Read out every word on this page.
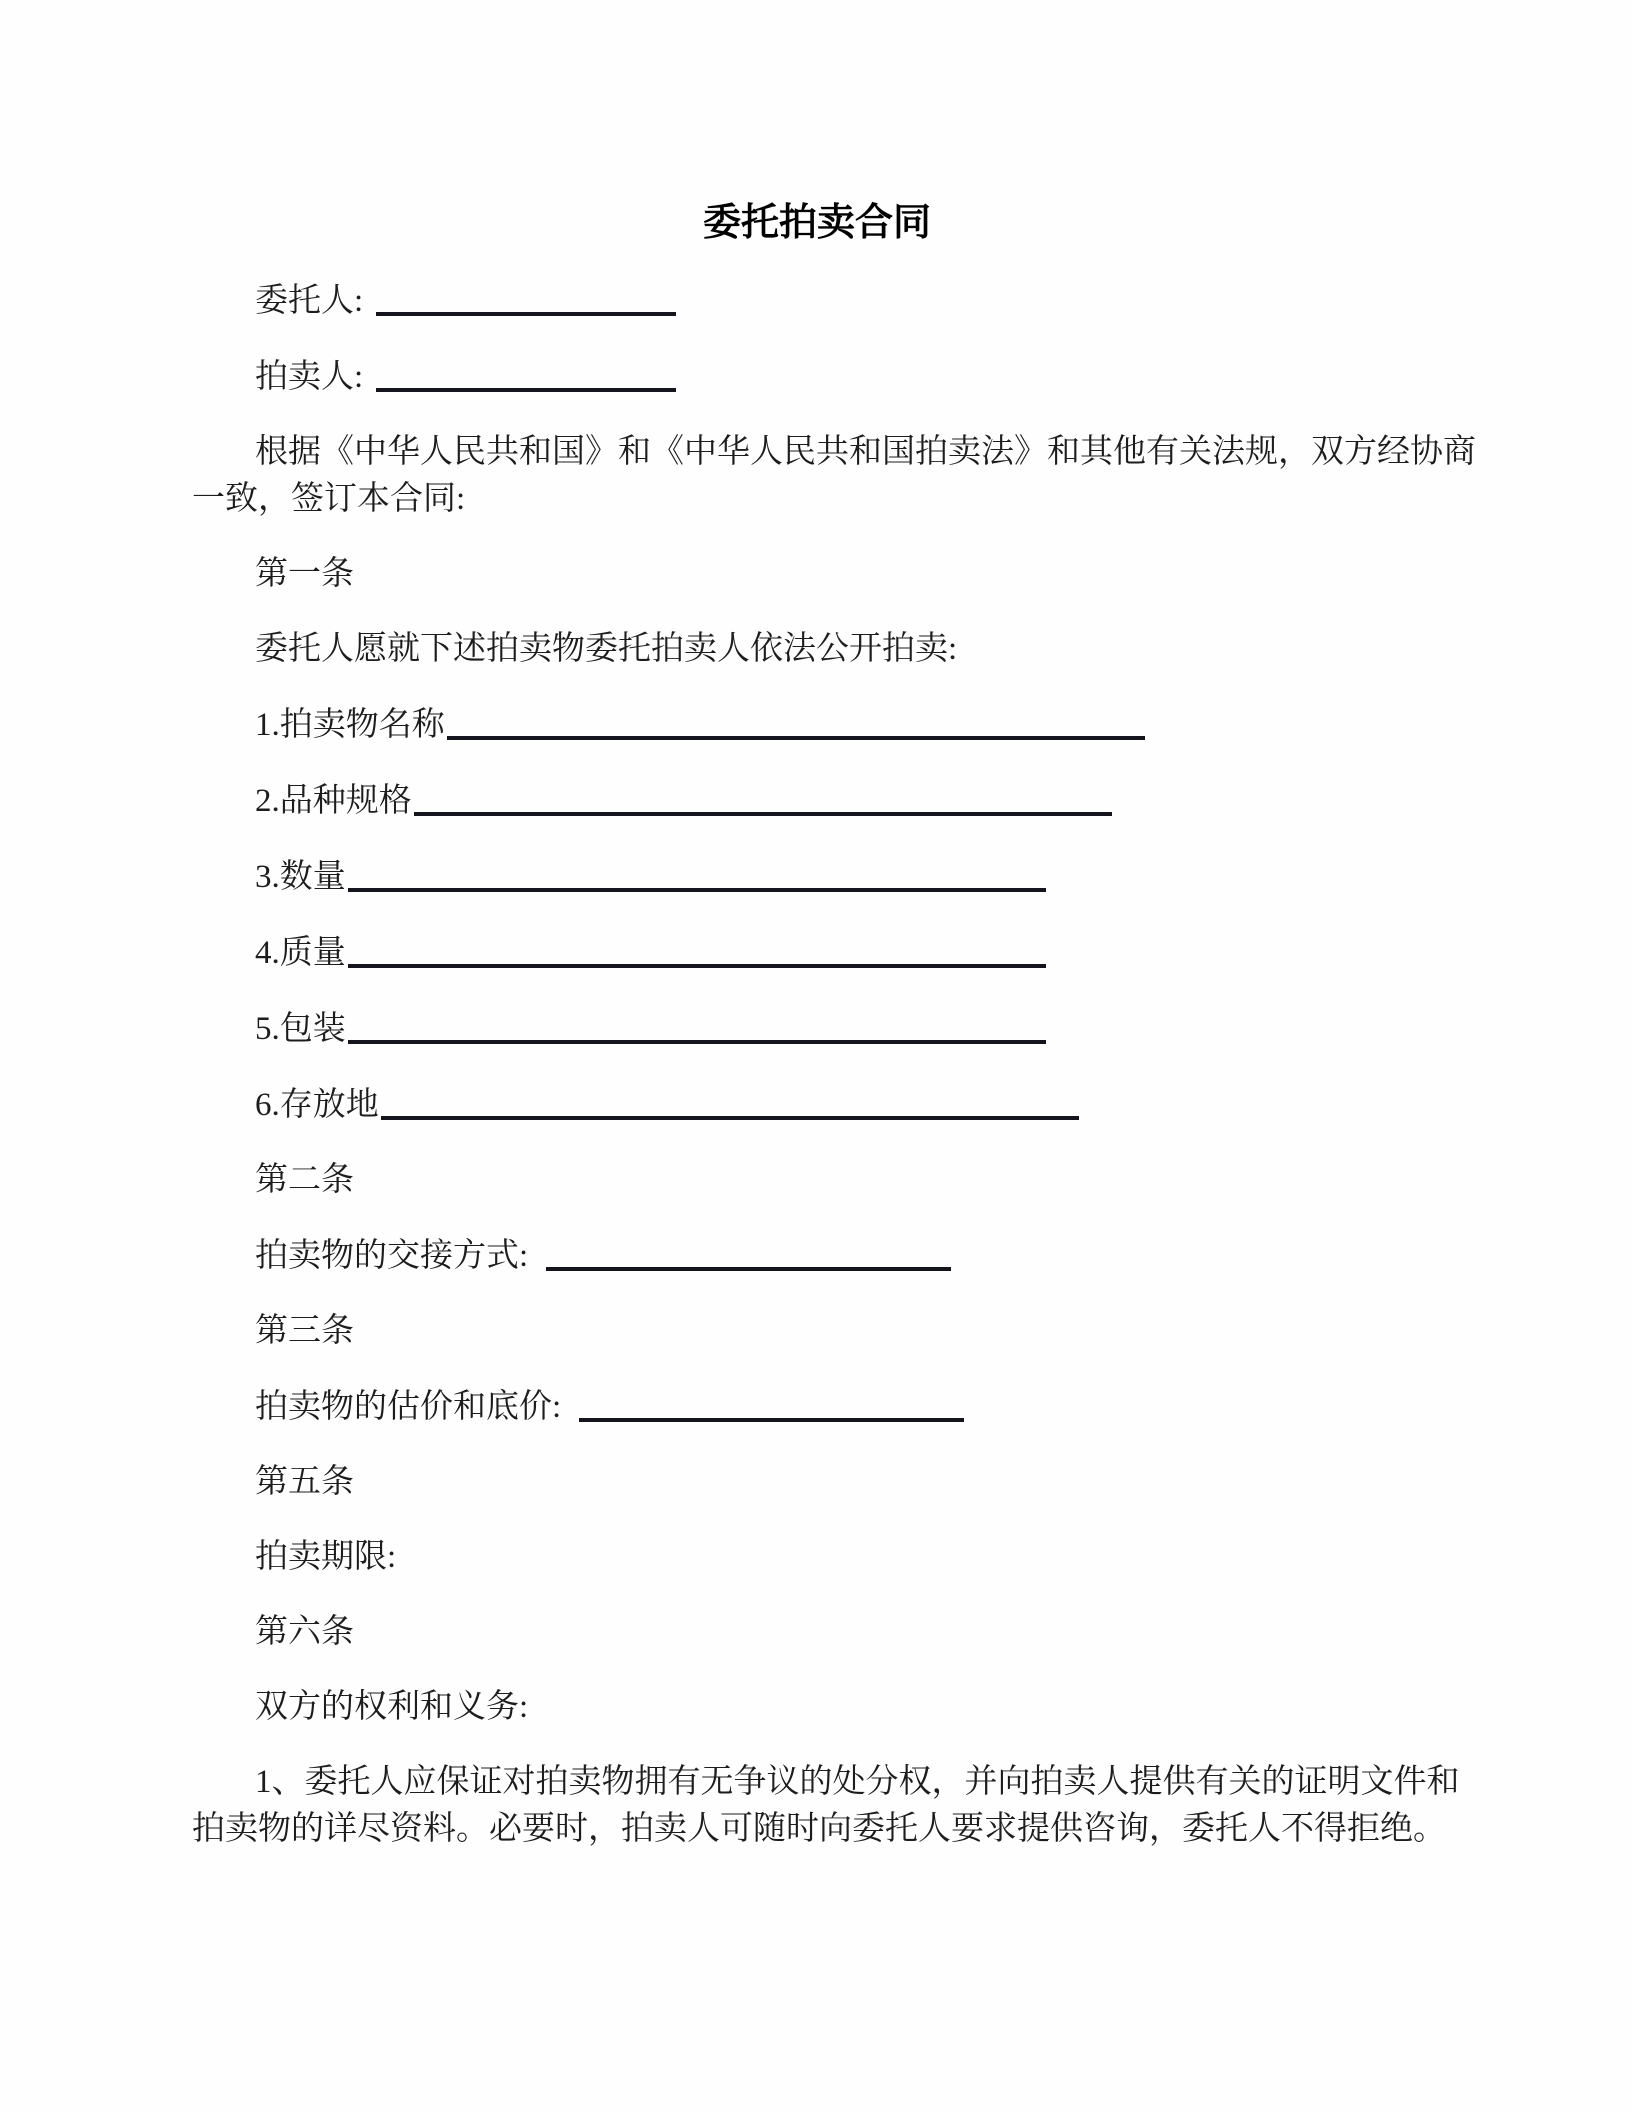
委托拍卖合同
委托人:
拍卖人:
根据《中华人民共和国》和《中华人民共和国拍卖法》和其他有关法规，双方经协商
一致，签订本合同:
第一条
委托人愿就下述拍卖物委托拍卖人依法公开拍卖:
1.拍卖物名称
2.品种规格
3.数量
4.质量
5.包装
6.存放地
第二条
拍卖物的交接方式:
第三条
拍卖物的估价和底价:
第五条
拍卖期限:
第六条
双方的权利和义务:
1、委托人应保证对拍卖物拥有无争议的处分权，并向拍卖人提供有关的证明文件和
拍卖物的详尽资料。必要时，拍卖人可随时向委托人要求提供咨询，委托人不得拒绝。
